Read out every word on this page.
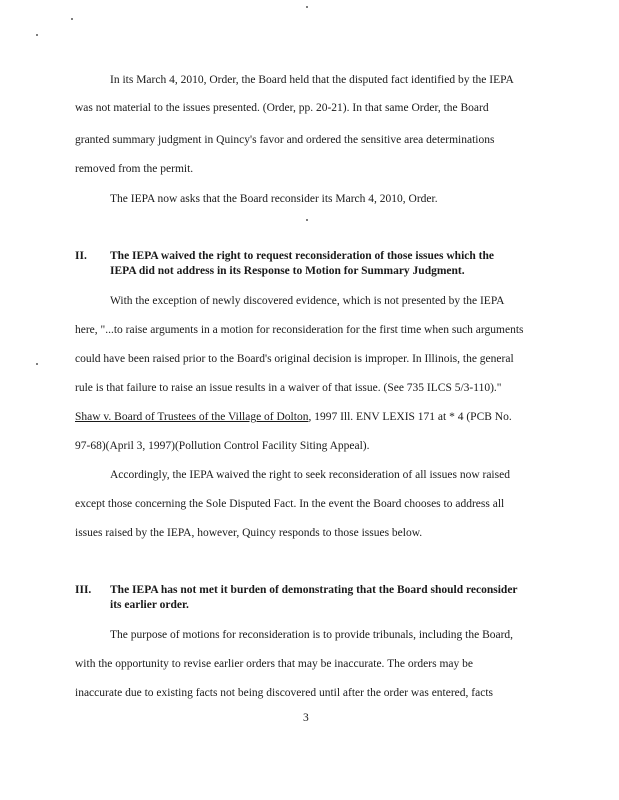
In its March 4, 2010, Order, the Board held that the disputed fact identified by the IEPA
was not material to the issues presented. (Order, pp. 20-21). In that same Order, the Board
granted summary judgment in Quincy's favor and ordered the sensitive area determinations
removed from the permit.
The IEPA now asks that the Board reconsider its March 4, 2010, Order.
II. The IEPA waived the right to request reconsideration of those issues which the
IEPA did not address in its Response to Motion for Summary Judgment.
With the exception of newly discovered evidence, which is not presented by the IEPA
here, "...to raise arguments in a motion for reconsideration for the first time when such arguments
could have been raised prior to the Board's original decision is improper. In Illinois, the general
rule is that failure to raise an issue results in a waiver of that issue. (See 735 ILCS 5/3-110)."
Shaw v. Board of Trustees of the Village of Dolton, 1997 Ill. ENV LEXIS 171 at * 4 (PCB No.
97-68)(April 3, 1997)(Pollution Control Facility Siting Appeal).
Accordingly, the IEPA waived the right to seek reconsideration of all issues now raised
except those concerning the Sole Disputed Fact. In the event the Board chooses to address all
issues raised by the IEPA, however, Quincy responds to those issues below.
III. The IEPA has not met it burden of demonstrating that the Board should reconsider
its earlier order.
The purpose of motions for reconsideration is to provide tribunals, including the Board,
with the opportunity to revise earlier orders that may be inaccurate. The orders may be
inaccurate due to existing facts not being discovered until after the order was entered, facts
3
